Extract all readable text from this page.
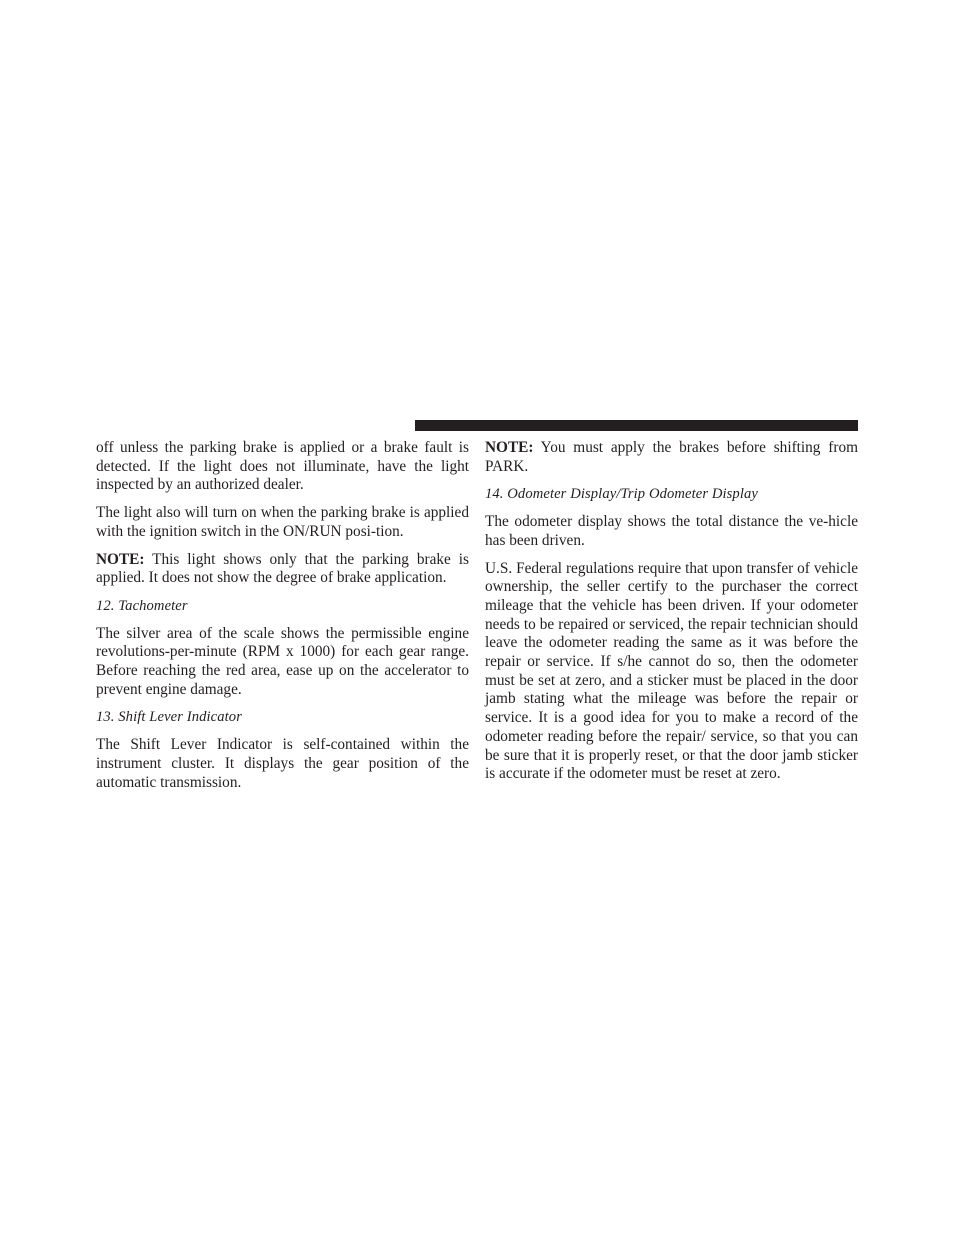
off unless the parking brake is applied or a brake fault is detected. If the light does not illuminate, have the light inspected by an authorized dealer.

The light also will turn on when the parking brake is applied with the ignition switch in the ON/RUN posi-tion.

NOTE: This light shows only that the parking brake is applied. It does not show the degree of brake application.

12. Tachometer

The silver area of the scale shows the permissible engine revolutions-per-minute (RPM x 1000) for each gear range. Before reaching the red area, ease up on the accelerator to prevent engine damage.

13. Shift Lever Indicator

The Shift Lever Indicator is self-contained within the instrument cluster. It displays the gear position of the automatic transmission.

NOTE: You must apply the brakes before shifting from PARK.

14. Odometer Display/Trip Odometer Display

The odometer display shows the total distance the ve-hicle has been driven.

U.S. Federal regulations require that upon transfer of vehicle ownership, the seller certify to the purchaser the correct mileage that the vehicle has been driven. If your odometer needs to be repaired or serviced, the repair technician should leave the odometer reading the same as it was before the repair or service. If s/he cannot do so, then the odometer must be set at zero, and a sticker must be placed in the door jamb stating what the mileage was before the repair or service. It is a good idea for you to make a record of the odometer reading before the repair/ service, so that you can be sure that it is properly reset, or that the door jamb sticker is accurate if the odometer must be reset at zero.
